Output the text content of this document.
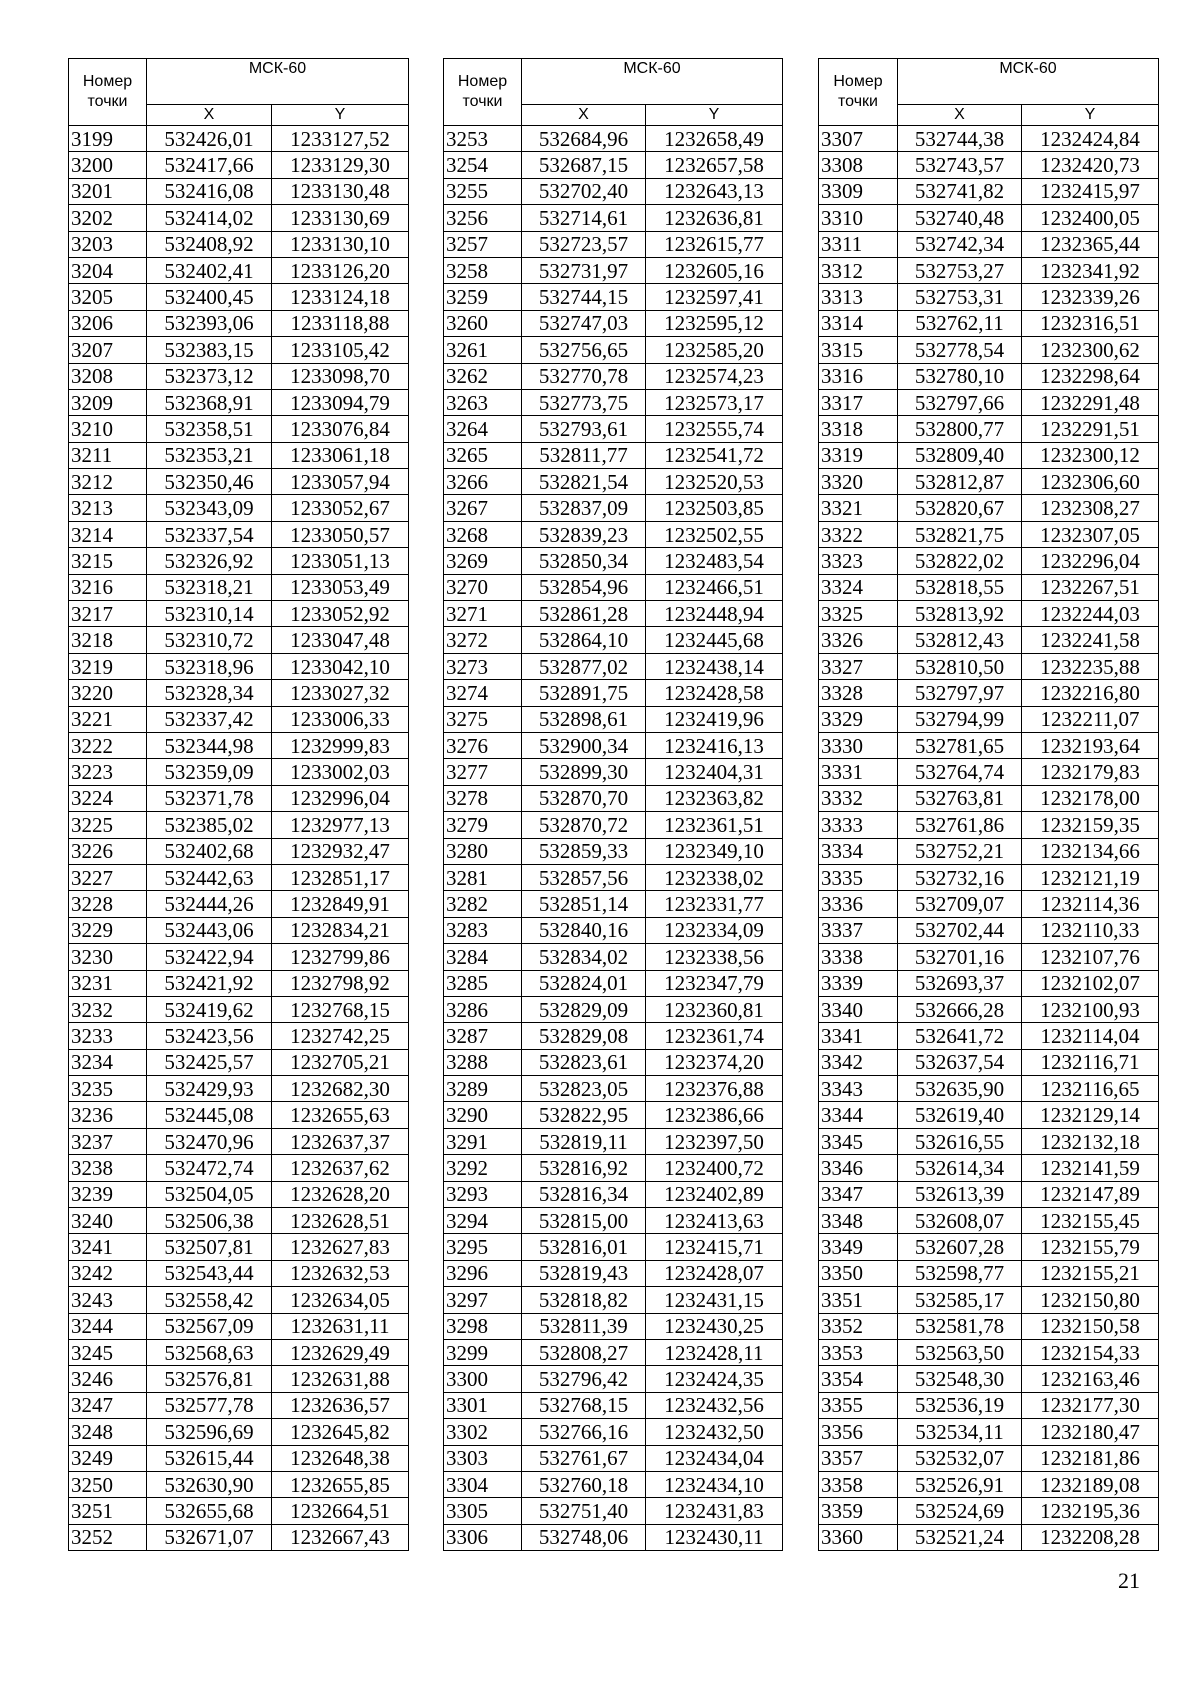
Номер точки	МСК-60	
	X	Y
3199	532426,01	1233127,52
3200	532417,66	1233129,30
3201	532416,08	1233130,48
3202	532414,02	1233130,69
3203	532408,92	1233130,10
3204	532402,41	1233126,20
3205	532400,45	1233124,18
3206	532393,06	1233118,88
3207	532383,15	1233105,42
3208	532373,12	1233098,70
3209	532368,91	1233094,79
3210	532358,51	1233076,84
3211	532353,21	1233061,18
3212	532350,46	1233057,94
3213	532343,09	1233052,67
3214	532337,54	1233050,57
3215	532326,92	1233051,13
3216	532318,21	1233053,49
3217	532310,14	1233052,92
3218	532310,72	1233047,48
3219	532318,96	1233042,10
3220	532328,34	1233027,32
3221	532337,42	1233006,33
3222	532344,98	1232999,83
3223	532359,09	1233002,03
3224	532371,78	1232996,04
3225	532385,02	1232977,13
3226	532402,68	1232932,47
3227	532442,63	1232851,17
3228	532444,26	1232849,91
3229	532443,06	1232834,21
3230	532422,94	1232799,86
3231	532421,92	1232798,92
3232	532419,62	1232768,15
3233	532423,56	1232742,25
3234	532425,57	1232705,21
3235	532429,93	1232682,30
3236	532445,08	1232655,63
3237	532470,96	1232637,37
3238	532472,74	1232637,62
3239	532504,05	1232628,20
3240	532506,38	1232628,51
3241	532507,81	1232627,83
3242	532543,44	1232632,53
3243	532558,42	1232634,05
3244	532567,09	1232631,11
3245	532568,63	1232629,49
3246	532576,81	1232631,88
3247	532577,78	1232636,57
3248	532596,69	1232645,82
3249	532615,44	1232648,38
3250	532630,90	1232655,85
3251	532655,68	1232664,51
3252	532671,07	1232667,43
Номер точки	МСК-60	
	X	Y
3253	532684,96	1232658,49
3254	532687,15	1232657,58
3255	532702,40	1232643,13
3256	532714,61	1232636,81
3257	532723,57	1232615,77
3258	532731,97	1232605,16
3259	532744,15	1232597,41
3260	532747,03	1232595,12
3261	532756,65	1232585,20
3262	532770,78	1232574,23
3263	532773,75	1232573,17
3264	532793,61	1232555,74
3265	532811,77	1232541,72
3266	532821,54	1232520,53
3267	532837,09	1232503,85
3268	532839,23	1232502,55
3269	532850,34	1232483,54
3270	532854,96	1232466,51
3271	532861,28	1232448,94
3272	532864,10	1232445,68
3273	532877,02	1232438,14
3274	532891,75	1232428,58
3275	532898,61	1232419,96
3276	532900,34	1232416,13
3277	532899,30	1232404,31
3278	532870,70	1232363,82
3279	532870,72	1232361,51
3280	532859,33	1232349,10
3281	532857,56	1232338,02
3282	532851,14	1232331,77
3283	532840,16	1232334,09
3284	532834,02	1232338,56
3285	532824,01	1232347,79
3286	532829,09	1232360,81
3287	532829,08	1232361,74
3288	532823,61	1232374,20
3289	532823,05	1232376,88
3290	532822,95	1232386,66
3291	532819,11	1232397,50
3292	532816,92	1232400,72
3293	532816,34	1232402,89
3294	532815,00	1232413,63
3295	532816,01	1232415,71
3296	532819,43	1232428,07
3297	532818,82	1232431,15
3298	532811,39	1232430,25
3299	532808,27	1232428,11
3300	532796,42	1232424,35
3301	532768,15	1232432,56
3302	532766,16	1232432,50
3303	532761,67	1232434,04
3304	532760,18	1232434,10
3305	532751,40	1232431,83
3306	532748,06	1232430,11
Номер точки	МСК-60	
	X	Y
3307	532744,38	1232424,84
3308	532743,57	1232420,73
3309	532741,82	1232415,97
3310	532740,48	1232400,05
3311	532742,34	1232365,44
3312	532753,27	1232341,92
3313	532753,31	1232339,26
3314	532762,11	1232316,51
3315	532778,54	1232300,62
3316	532780,10	1232298,64
3317	532797,66	1232291,48
3318	532800,77	1232291,51
3319	532809,40	1232300,12
3320	532812,87	1232306,60
3321	532820,67	1232308,27
3322	532821,75	1232307,05
3323	532822,02	1232296,04
3324	532818,55	1232267,51
3325	532813,92	1232244,03
3326	532812,43	1232241,58
3327	532810,50	1232235,88
3328	532797,97	1232216,80
3329	532794,99	1232211,07
3330	532781,65	1232193,64
3331	532764,74	1232179,83
3332	532763,81	1232178,00
3333	532761,86	1232159,35
3334	532752,21	1232134,66
3335	532732,16	1232121,19
3336	532709,07	1232114,36
3337	532702,44	1232110,33
3338	532701,16	1232107,76
3339	532693,37	1232102,07
3340	532666,28	1232100,93
3341	532641,72	1232114,04
3342	532637,54	1232116,71
3343	532635,90	1232116,65
3344	532619,40	1232129,14
3345	532616,55	1232132,18
3346	532614,34	1232141,59
3347	532613,39	1232147,89
3348	532608,07	1232155,45
3349	532607,28	1232155,79
3350	532598,77	1232155,21
3351	532585,17	1232150,80
3352	532581,78	1232150,58
3353	532563,50	1232154,33
3354	532548,30	1232163,46
3355	532536,19	1232177,30
3356	532534,11	1232180,47
3357	532532,07	1232181,86
3358	532526,91	1232189,08
3359	532524,69	1232195,36
3360	532521,24	1232208,28
21
